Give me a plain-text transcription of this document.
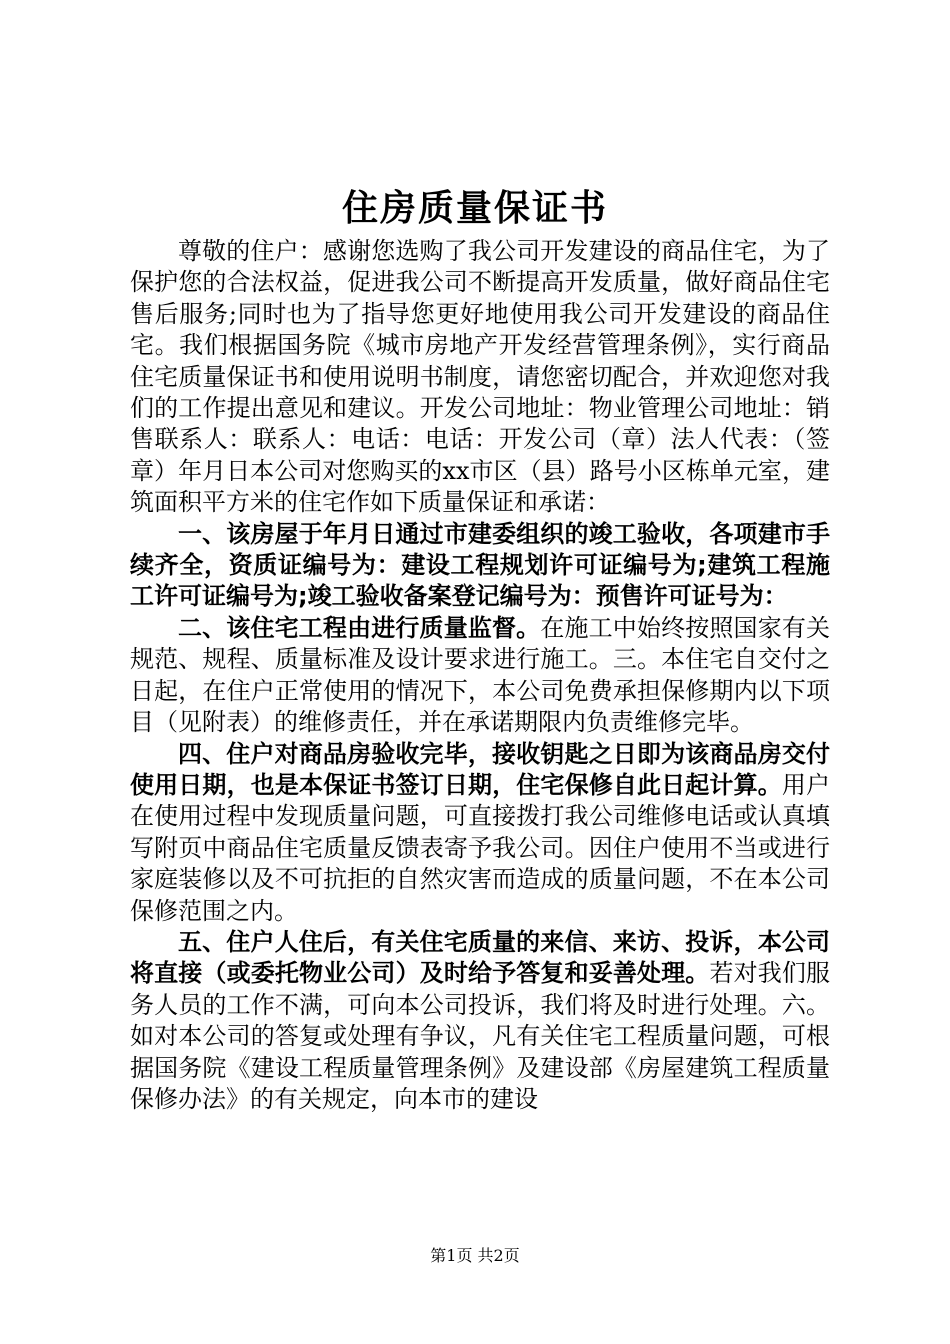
住房质量保证书

尊敬的住户：感谢您选购了我公司开发建设的商品住宅，为了保护您的合法权益，促进我公司不断提高开发质量，做好商品住宅售后服务;同时也为了指导您更好地使用我公司开发建设的商品住宅。我们根据国务院《城市房地产开发经营管理条例》，实行商品住宅质量保证书和使用说明书制度，请您密切配合，并欢迎您对我们的工作提出意见和建议。开发公司地址：物业管理公司地址：销售联系人：联系人：电话：电话：开发公司（章）法人代表：（签章）年月日本公司对您购买的xx市区（县）路号小区栋单元室，建筑面积平方米的住宅作如下质量保证和承诺：

一、该房屋于年月日通过市建委组织的竣工验收，各项建市手续齐全，资质证编号为：建设工程规划许可证编号为;建筑工程施工许可证编号为;竣工验收备案登记编号为：预售许可证号为：

二、该住宅工程由进行质量监督。在施工中始终按照国家有关规范、规程、质量标准及设计要求进行施工。三。本住宅自交付之日起，在住户正常使用的情况下，本公司免费承担保修期内以下项目（见附表）的维修责任，并在承诺期限内负责维修完毕。

四、住户对商品房验收完毕，接收钥匙之日即为该商品房交付使用日期，也是本保证书签订日期，住宅保修自此日起计算。用户在使用过程中发现质量问题，可直接拨打我公司维修电话或认真填写附页中商品住宅质量反馈表寄予我公司。因住户使用不当或进行家庭装修以及不可抗拒的自然灾害而造成的质量问题，不在本公司保修范围之内。

五、住户人住后，有关住宅质量的来信、来访、投诉，本公司将直接（或委托物业公司）及时给予答复和妥善处理。若对我们服务人员的工作不满，可向本公司投诉，我们将及时进行处理。六。如对本公司的答复或处理有争议，凡有关住宅工程质量问题，可根据国务院《建设工程质量管理条例》及建设部《房屋建筑工程质量保修办法》的有关规定，向本市的建设

第1页 共2页
